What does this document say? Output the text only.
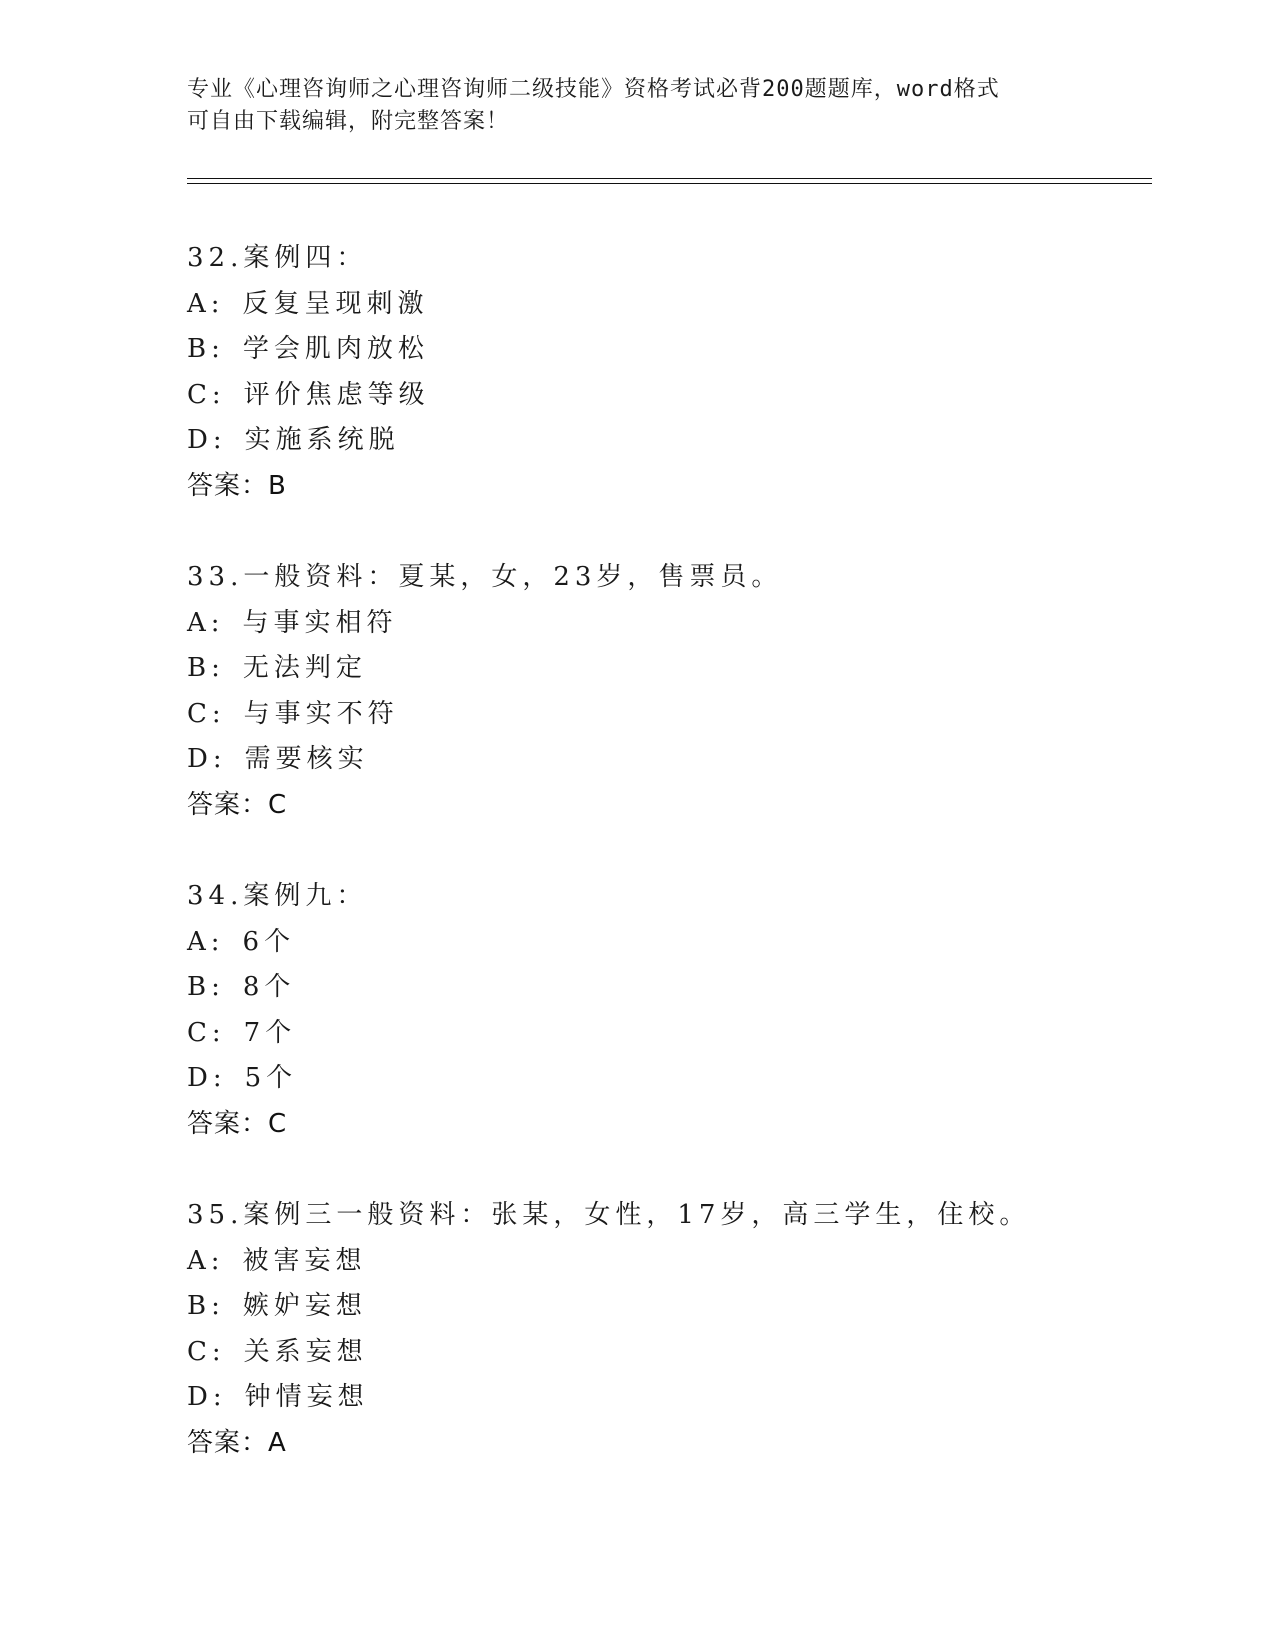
专业《心理咨询师之心理咨询师二级技能》资格考试必背200题题库，word格式
可自由下载编辑，附完整答案！
32.案例四：
A: 反复呈现刺激
B: 学会肌肉放松
C: 评价焦虑等级
D: 实施系统脱
答案：B
33.一般资料：夏某，女，23岁，售票员。
A: 与事实相符
B: 无法判定
C: 与事实不符
D: 需要核实
答案：C
34.案例九：
A: 6个
B: 8个
C: 7个
D: 5个
答案：C
35.案例三一般资料：张某，女性，17岁，高三学生，住校。
A: 被害妄想
B: 嫉妒妄想
C: 关系妄想
D: 钟情妄想
答案：A
